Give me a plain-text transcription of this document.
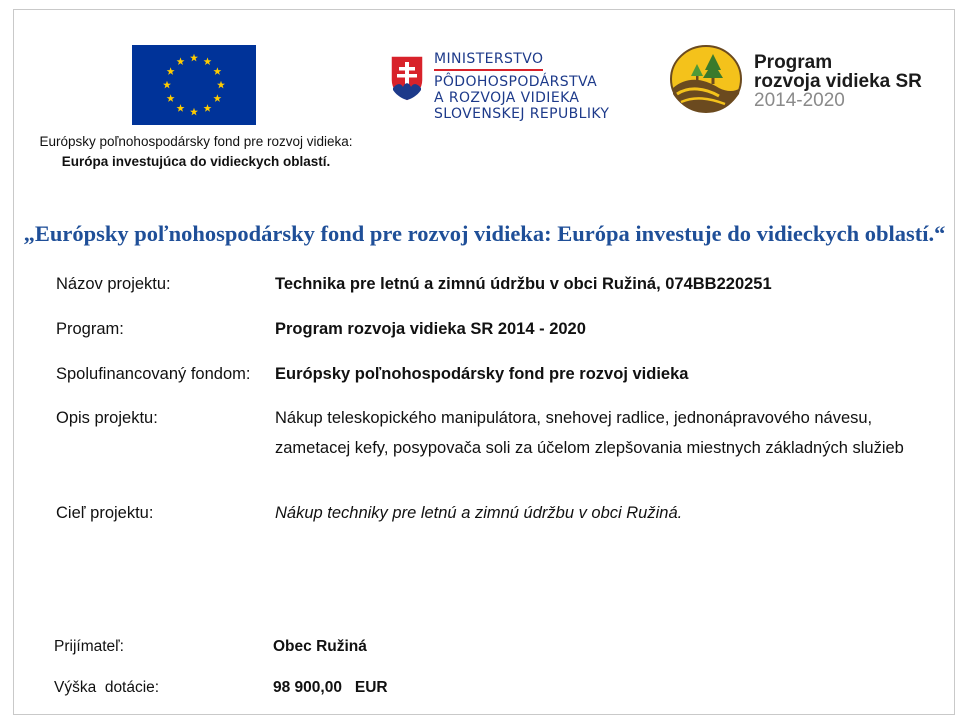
Európsky poľnohospodársky fond pre rozvoj vidieka:
Európa investujúca do vidieckych oblastí.
MINISTERSTVO
PÔDOHOSPODÁRSTVA
A ROZVOJA VIDIEKA
SLOVENSKEJ REPUBLIKY
Program
rozvoja vidieka SR
2014-2020
„Európsky poľnohospodársky fond pre rozvoj vidieka: Európa investuje do vidieckych oblastí.“
Názov projektu:	Technika pre letnú a zimnú údržbu v obci Ružiná, 074BB220251
Program:	Program rozvoja vidieka SR 2014 - 2020
Spolufinancovaný fondom: Európsky poľnohospodársky fond pre rozvoj vidieka
Opis projektu:	Nákup teleskopického manipulátora, snehovej radlice, jednonápravového návesu,
zametacej kefy, posypovača soli za účelom zlepšovania miestnych základných služieb
Cieľ projektu:	Nákup techniky pre letnú a zimnú údržbu v obci Ružiná.
Prijímateľ:	Obec Ružiná
Výška  dotácie:	98 900,00   EUR
